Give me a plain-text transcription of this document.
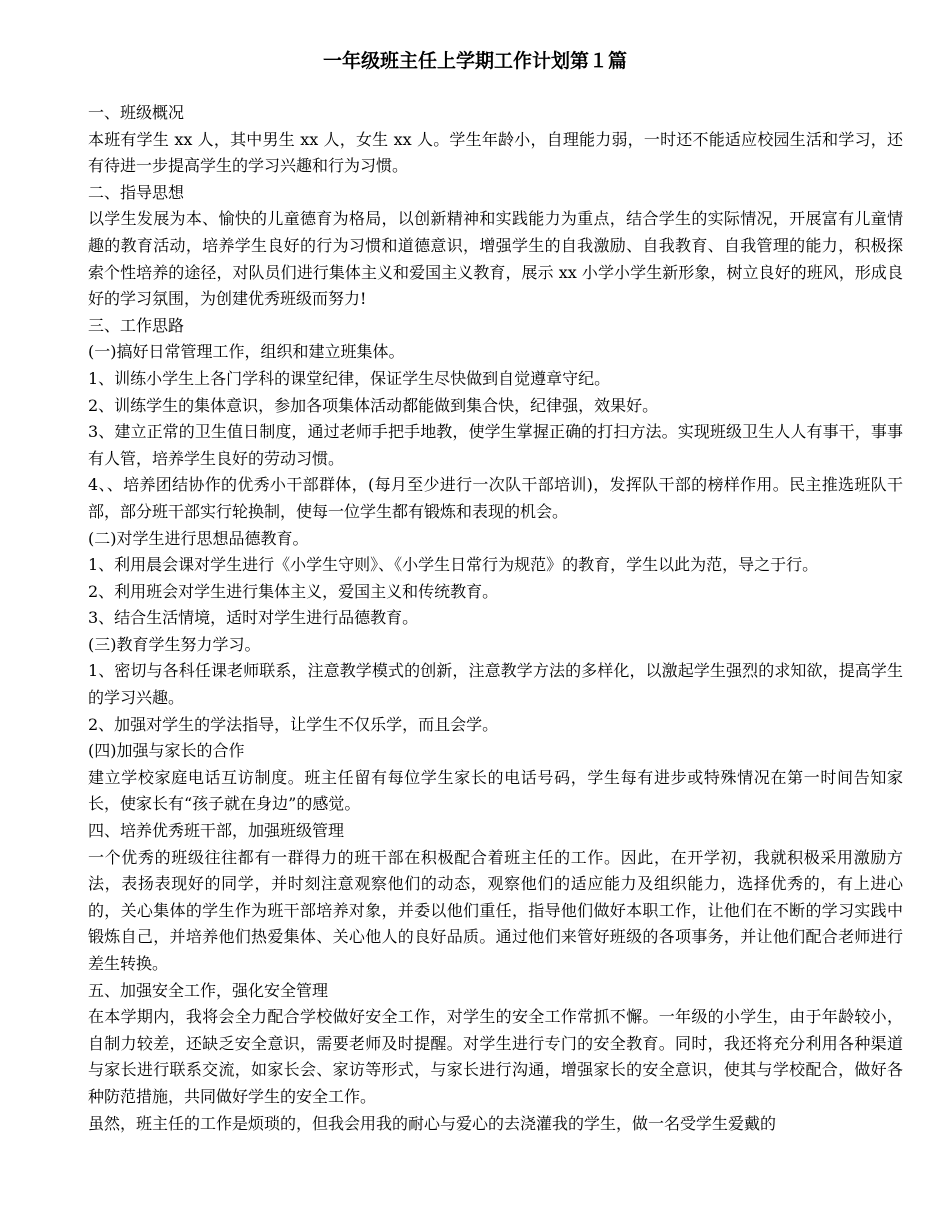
一年级班主任上学期工作计划第１篇

一、班级概况

本班有学生 xx 人，其中男生 xx 人，女生 xx 人。学生年龄小，自理能力弱，一时还不能适应校园生活和学习，还有待进一步提高学生的学习兴趣和行为习惯。

二、指导思想

以学生发展为本、愉快的儿童德育为格局，以创新精神和实践能力为重点，结合学生的实际情况，开展富有儿童情趣的教育活动，培养学生良好的行为习惯和道德意识，增强学生的自我激励、自我教育、自我管理的能力，积极探索个性培养的途径，对队员们进行集体主义和爱国主义教育，展示 xx 小学小学生新形象，树立良好的班风，形成良好的学习氛围，为创建优秀班级而努力!

三、工作思路

(一)搞好日常管理工作，组织和建立班集体。

1、训练小学生上各门学科的课堂纪律，保证学生尽快做到自觉遵章守纪。

2、训练学生的集体意识，参加各项集体活动都能做到集合快，纪律强，效果好。

3、建立正常的卫生值日制度，通过老师手把手地教，使学生掌握正确的打扫方法。实现班级卫生人人有事干，事事有人管，培养学生良好的劳动习惯。

4、、培养团结协作的优秀小干部群体，(每月至少进行一次队干部培训)，发挥队干部的榜样作用。民主推选班队干部，部分班干部实行轮换制，使每一位学生都有锻炼和表现的机会。

(二)对学生进行思想品德教育。

1、利用晨会课对学生进行《小学生守则》、《小学生日常行为规范》的教育，学生以此为范，导之于行。

2、利用班会对学生进行集体主义，爱国主义和传统教育。

3、结合生活情境，适时对学生进行品德教育。

(三)教育学生努力学习。

1、密切与各科任课老师联系，注意教学模式的创新，注意教学方法的多样化，以激起学生强烈的求知欲，提高学生的学习兴趣。

2、加强对学生的学法指导，让学生不仅乐学，而且会学。

(四)加强与家长的合作

建立学校家庭电话互访制度。班主任留有每位学生家长的电话号码，学生每有进步或特殊情况在第一时间告知家长，使家长有“孩子就在身边”的感觉。

四、培养优秀班干部，加强班级管理

一个优秀的班级往往都有一群得力的班干部在积极配合着班主任的工作。因此，在开学初，我就积极采用激励方法，表扬表现好的同学，并时刻注意观察他们的动态，观察他们的适应能力及组织能力，选择优秀的，有上进心的，关心集体的学生作为班干部培养对象，并委以他们重任，指导他们做好本职工作，让他们在不断的学习实践中锻炼自己，并培养他们热爱集体、关心他人的良好品质。通过他们来管好班级的各项事务，并让他们配合老师进行差生转换。

五、加强安全工作，强化安全管理

在本学期内，我将会全力配合学校做好安全工作，对学生的安全工作常抓不懈。一年级的小学生，由于年龄较小，自制力较差，还缺乏安全意识，需要老师及时提醒。对学生进行专门的安全教育。同时，我还将充分利用各种渠道与家长进行联系交流，如家长会、家访等形式，与家长进行沟通，增强家长的安全意识，使其与学校配合，做好各种防范措施，共同做好学生的安全工作。

虽然，班主任的工作是烦琐的，但我会用我的耐心与爱心的去浇灌我的学生，做一名受学生爱戴的
